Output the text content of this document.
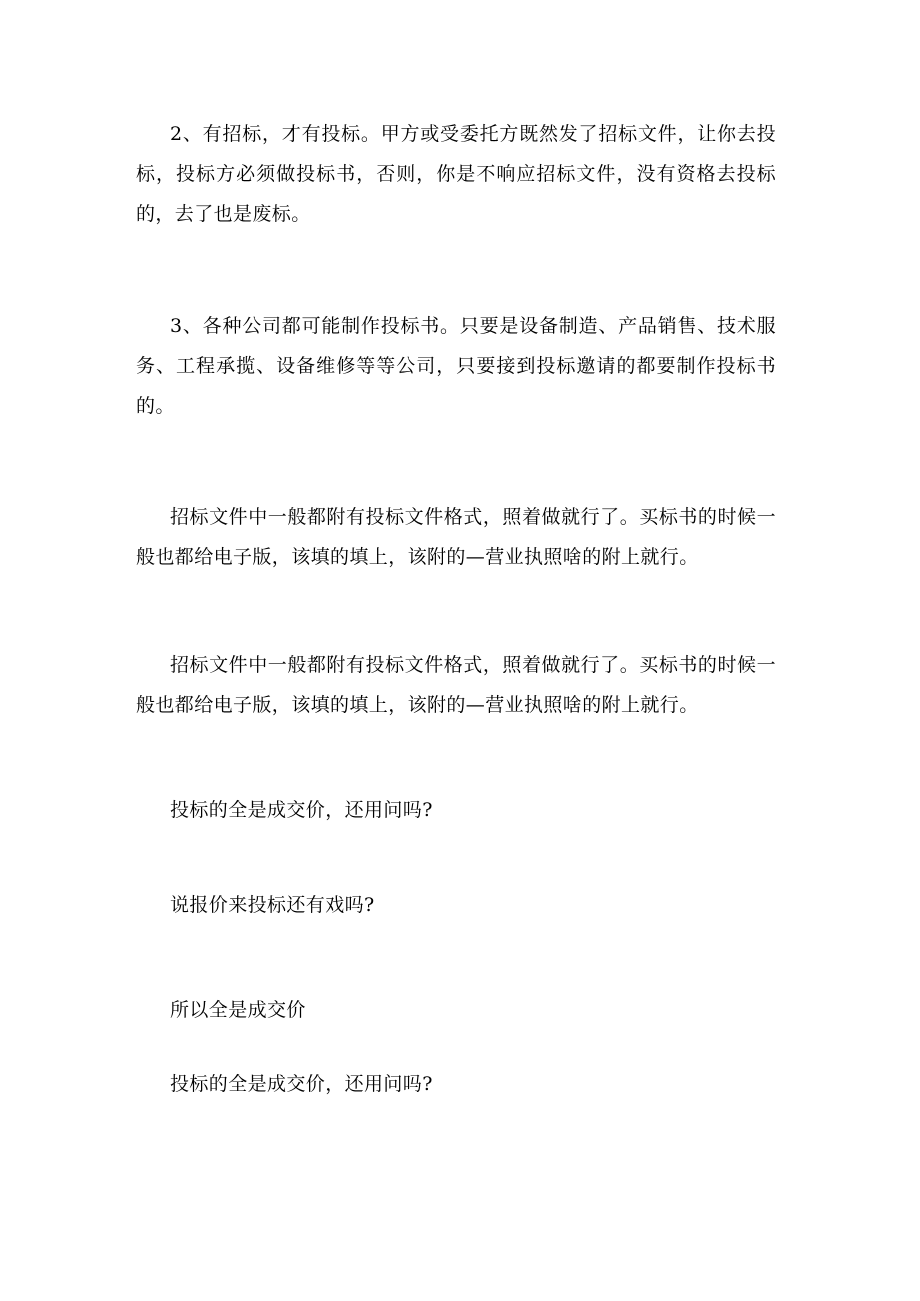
2、有招标，才有投标。甲方或受委托方既然发了招标文件，让你去投标，投标方必须做投标书，否则，你是不响应招标文件，没有资格去投标的，去了也是废标。

3、各种公司都可能制作投标书。只要是设备制造、产品销售、技术服务、工程承揽、设备维修等等公司，只要接到投标邀请的都要制作投标书的。

招标文件中一般都附有投标文件格式，照着做就行了。买标书的时候一般也都给电子版，该填的填上，该附的—营业执照啥的附上就行。

招标文件中一般都附有投标文件格式，照着做就行了。买标书的时候一般也都给电子版，该填的填上，该附的—营业执照啥的附上就行。

投标的全是成交价，还用问吗?

说报价来投标还有戏吗?

所以全是成交价

投标的全是成交价，还用问吗?
